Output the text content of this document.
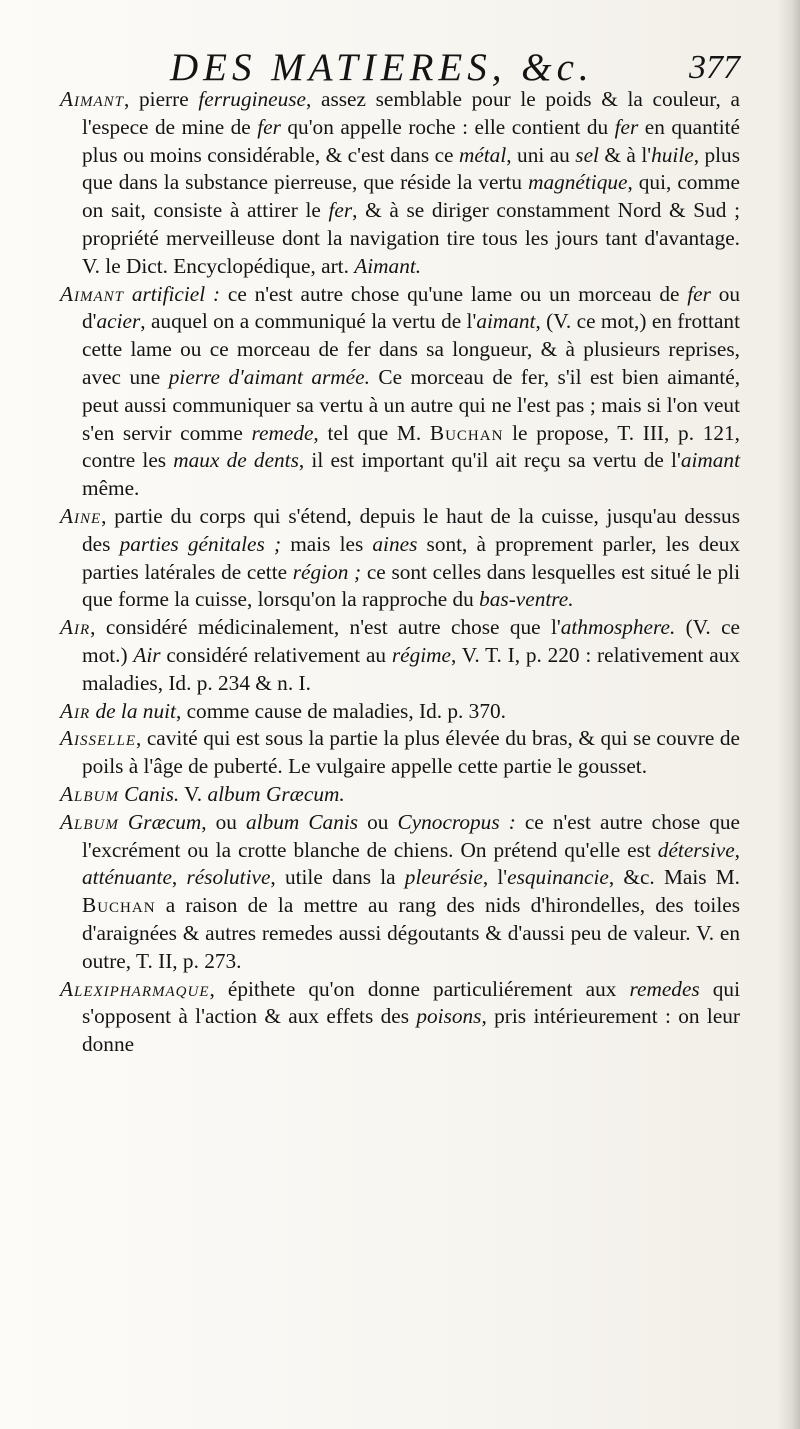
DES MATIERES, &c.	377

Aimant, pierre ferrugineuse, assez semblable pour le poids & la couleur, a l'espece de mine de fer qu'on appelle roche : elle contient du fer en quantité plus ou moins considérable, & c'est dans ce métal, uni au sel & à l'huile, plus que dans la substance pierreuse, que réside la vertu magnétique, qui, comme on sait, consiste à attirer le fer, & à se diriger constamment Nord & Sud ; propriété merveilleuse dont la navigation tire tous les jours tant d'avantage. V. le Dict. Encyclopédique, art. Aimant.

Aimant artificiel : ce n'est autre chose qu'une lame ou un morceau de fer ou d'acier, auquel on a communiqué la vertu de l'aimant, (V. ce mot,) en frottant cette lame ou ce morceau de fer dans sa longueur, & à plusieurs reprises, avec une pierre d'aimant armée. Ce morceau de fer, s'il est bien aimanté, peut aussi communiquer sa vertu à un autre qui ne l'est pas ; mais si l'on veut s'en servir comme remede, tel que M. Buchan le propose, T. III, p. 121, contre les maux de dents, il est important qu'il ait reçu sa vertu de l'aimant même.

Aine, partie du corps qui s'étend, depuis le haut de la cuisse, jusqu'au dessus des parties génitales ; mais les aines sont, à proprement parler, les deux parties latérales de cette région ; ce sont celles dans lesquelles est situé le pli que forme la cuisse, lorsqu'on la rapproche du bas-ventre.

Air, considéré médicinalement, n'est autre chose que l'athmosphere. (V. ce mot.) Air considéré relativement au régime, V. T. I, p. 220 : relativement aux maladies, Id. p. 234 & n. I.

Air de la nuit, comme cause de maladies, Id. p. 370.

Aisselle, cavité qui est sous la partie la plus élevée du bras, & qui se couvre de poils à l'âge de puberté. Le vulgaire appelle cette partie le gousset.

Album Canis. V. album Græcum.

Album Græcum, ou album Canis ou Cynocropus : ce n'est autre chose que l'excrément ou la crotte blanche de chiens. On prétend qu'elle est détersive, atténuante, résolutive, utile dans la pleurésie, l'esquinancie, &c. Mais M. Buchan a raison de la mettre au rang des nids d'hirondelles, des toiles d'araignées & autres remedes aussi dégoutants & d'aussi peu de valeur. V. en outre, T. II, p. 273.

Alexipharmaque, épithete qu'on donne particuliérement aux remedes qui s'opposent à l'action & aux effets des poisons, pris intérieurement : on leur donne
